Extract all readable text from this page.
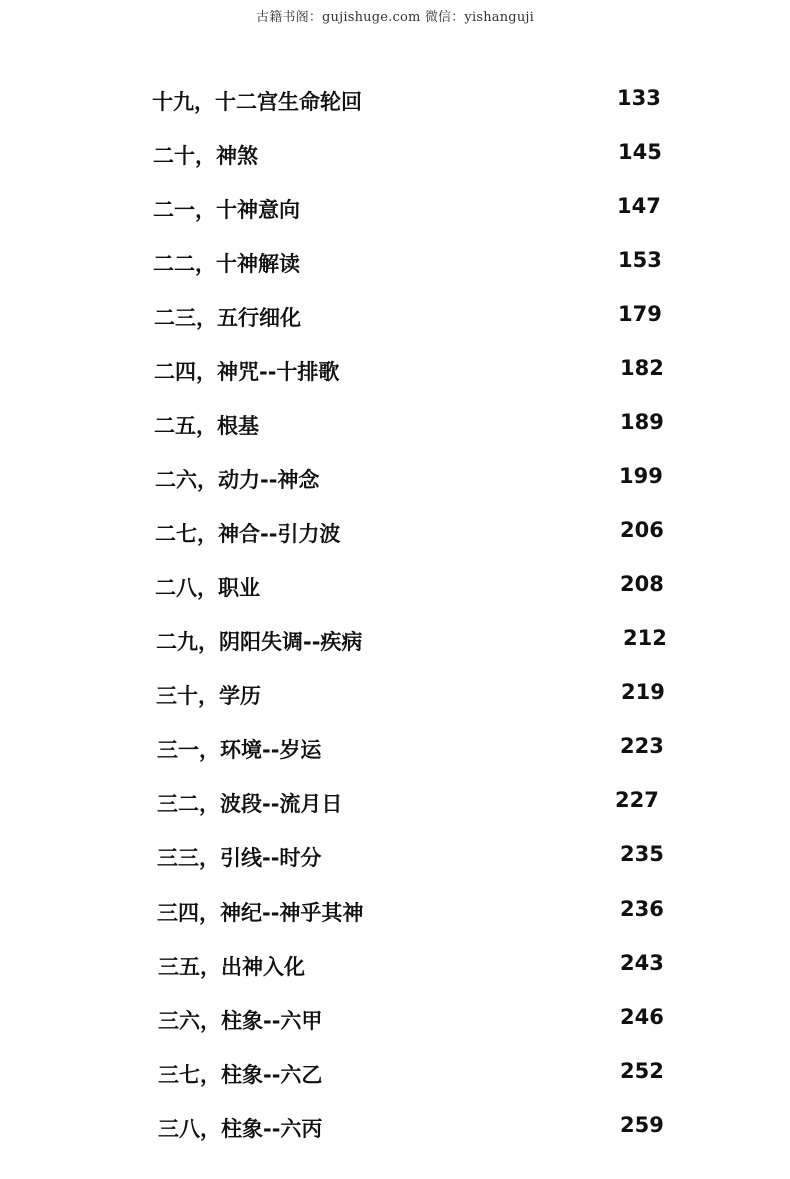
古籍书阁：gujishuge.com 微信：yishanguji
十九，十二宫生命轮回	133
二十，神煞	145
二一，十神意向	147
二二，十神解读	153
二三，五行细化	179
二四，神咒--十排歌	182
二五，根基	189
二六，动力--神念	199
二七，神合--引力波	206
二八，职业	208
二九，阴阳失调--疾病	212
三十，学历	219
三一，环境--岁运	223
三二，波段--流月日	227
三三，引线--时分	235
三四，神纪--神乎其神	236
三五，出神入化	243
三六，柱象--六甲	246
三七，柱象--六乙	252
三八，柱象--六丙	259
